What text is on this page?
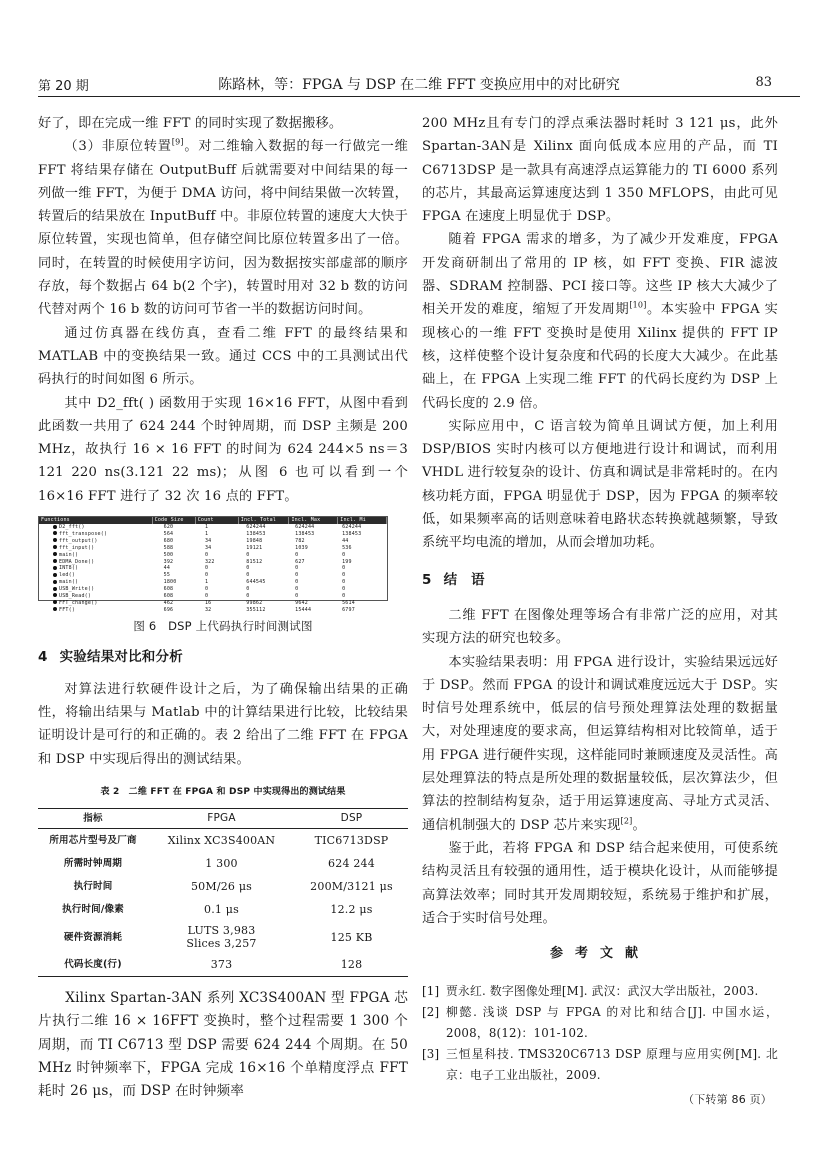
第 20 期	陈路林，等：FPGA 与 DSP 在二维 FFT 变换应用中的对比研究	83

好了，即在完成一维 FFT 的同时实现了数据搬移。

（3）非原位转置[9]。对二维输入数据的每一行做完一维 FFT 将结果存储在 OutputBuff 后就需要对中间结果的每一列做一维 FFT，为便于 DMA 访问，将中间结果做一次转置，转置后的结果放在 InputBuff 中。非原位转置的速度大大快于原位转置，实现也简单，但存储空间比原位转置多出了一倍。同时，在转置的时候使用字访问，因为数据按实部虚部的顺序存放，每个数据占 64 b(2 个字)，转置时用对 32 b 数的访问代替对两个 16 b 数的访问可节省一半的数据访问时间。

通过仿真器在线仿真，查看二维 FFT 的最终结果和 MATLAB 中的变换结果一致。通过 CCS 中的工具测试出代码执行的时间如图 6 所示。

其中 D2_fft( ) 函数用于实现 16×16 FFT，从图中看到此函数一共用了 624 244 个时钟周期，而 DSP 主频是 200 MHz，故执行 16 × 16 FFT 的时间为 624 244×5 ns＝3 121 220 ns(3.121 22 ms)；从图 6 也可以看到一个 16×16 FFT 进行了 32 次 16 点的 FFT。

Functions	Code Size	Count	Incl. Total	Incl. Max	Incl. Mi
D2_fft()	620	1	624244	624244	624244
fft_transpose()	564	1	138453	138453	138453
fft_output()	680	34	19848	782	44
fft_input()	588	34	19121	1039	536
main()	500	0	0	0	0
EDMA_Done()	392	322	81512	627	199
INT8()	44	0	0	0	0
led()	55	0	0	0	0
main()	1800	1	644545	0	0
USB_Write()	608	0	0	0	0
USB_Read()	608	0	0	0	0
FFT_change()	462	16	99862	9642	5614
FFT()	696	32	355112	15444	6797
图 6　DSP 上代码执行时间测试图
4 实验结果对比和分析

对算法进行软硬件设计之后，为了确保输出结果的正确性，将输出结果与 Matlab 中的计算结果进行比较，比较结果证明设计是可行的和正确的。表 2 给出了二维 FFT 在 FPGA 和 DSP 中实现后得出的测试结果。

表 2　二维 FFT 在 FPGA 和 DSP 中实现得出的测试结果
指标	FPGA	DSP
所用芯片型号及厂商	Xilinx XC3S400AN	TIC6713DSP
所需时钟周期	1 300	624 244
执行时间	50M/26 μs	200M/3121 μs
执行时间/像素	0.1 μs	12.2 μs
硬件资源消耗	LUTS 3,983
Slices 3,257	125 KB
代码长度(行)	373	128

Xilinx Spartan-3AN 系列 XC3S400AN 型 FPGA 芯片执行二维 16 × 16FFT 变换时，整个过程需要 1 300 个周期，而 TI C6713 型 DSP 需要 624 244 个周期。在 50 MHz 时钟频率下，FPGA 完成 16×16 个单精度浮点 FFT 耗时 26 μs，而 DSP 在时钟频率

200 MHz且有专门的浮点乘法器时耗时 3 121 μs，此外 Spartan-3AN是 Xilinx 面向低成本应用的产品，而 TI C6713DSP 是一款具有高速浮点运算能力的 TI 6000 系列的芯片，其最高运算速度达到 1 350 MFLOPS，由此可见 FPGA 在速度上明显优于 DSP。

随着 FPGA 需求的增多，为了减少开发难度，FPGA 开发商研制出了常用的 IP 核，如 FFT 变换、FIR 滤波器、SDRAM 控制器、PCI 接口等。这些 IP 核大大减少了相关开发的难度，缩短了开发周期[10]。本实验中 FPGA 实现核心的一维 FFT 变换时是使用 Xilinx 提供的 FFT IP 核，这样使整个设计复杂度和代码的长度大大减少。在此基础上，在 FPGA 上实现二维 FFT 的代码长度约为 DSP 上代码长度的 2.9 倍。

实际应用中，C 语言较为简单且调试方便，加上利用 DSP/BIOS 实时内核可以方便地进行设计和调试，而利用 VHDL 进行较复杂的设计、仿真和调试是非常耗时的。在内核功耗方面，FPGA 明显优于 DSP，因为 FPGA 的频率较低，如果频率高的话则意味着电路状态转换就越频繁，导致系统平均电流的增加，从而会增加功耗。

5 结　语

二维 FFT 在图像处理等场合有非常广泛的应用，对其实现方法的研究也较多。

本实验结果表明：用 FPGA 进行设计，实验结果远远好于 DSP。然而 FPGA 的设计和调试难度远远大于 DSP。实时信号处理系统中，低层的信号预处理算法处理的数据量大，对处理速度的要求高，但运算结构相对比较简单，适于用 FPGA 进行硬件实现，这样能同时兼顾速度及灵活性。高层处理算法的特点是所处理的数据量较低，层次算法少，但算法的控制结构复杂，适于用运算速度高、寻址方式灵活、通信机制强大的 DSP 芯片来实现[2]。

鉴于此，若将 FPGA 和 DSP 结合起来使用，可使系统结构灵活且有较强的通用性，适于模块化设计，从而能够提高算法效率；同时其开发周期较短，系统易于维护和扩展，适合于实时信号处理。

参考文献
[1] 贾永红. 数字图像处理[M]. 武汉：武汉大学出版社，2003.
[2] 柳懿. 浅谈 DSP 与 FPGA 的对比和结合[J]. 中国水运，2008，8(12)：101-102.
[3] 三恒星科技. TMS320C6713 DSP 原理与应用实例[M]. 北京：电子工业出版社，2009.
（下转第 86 页）
